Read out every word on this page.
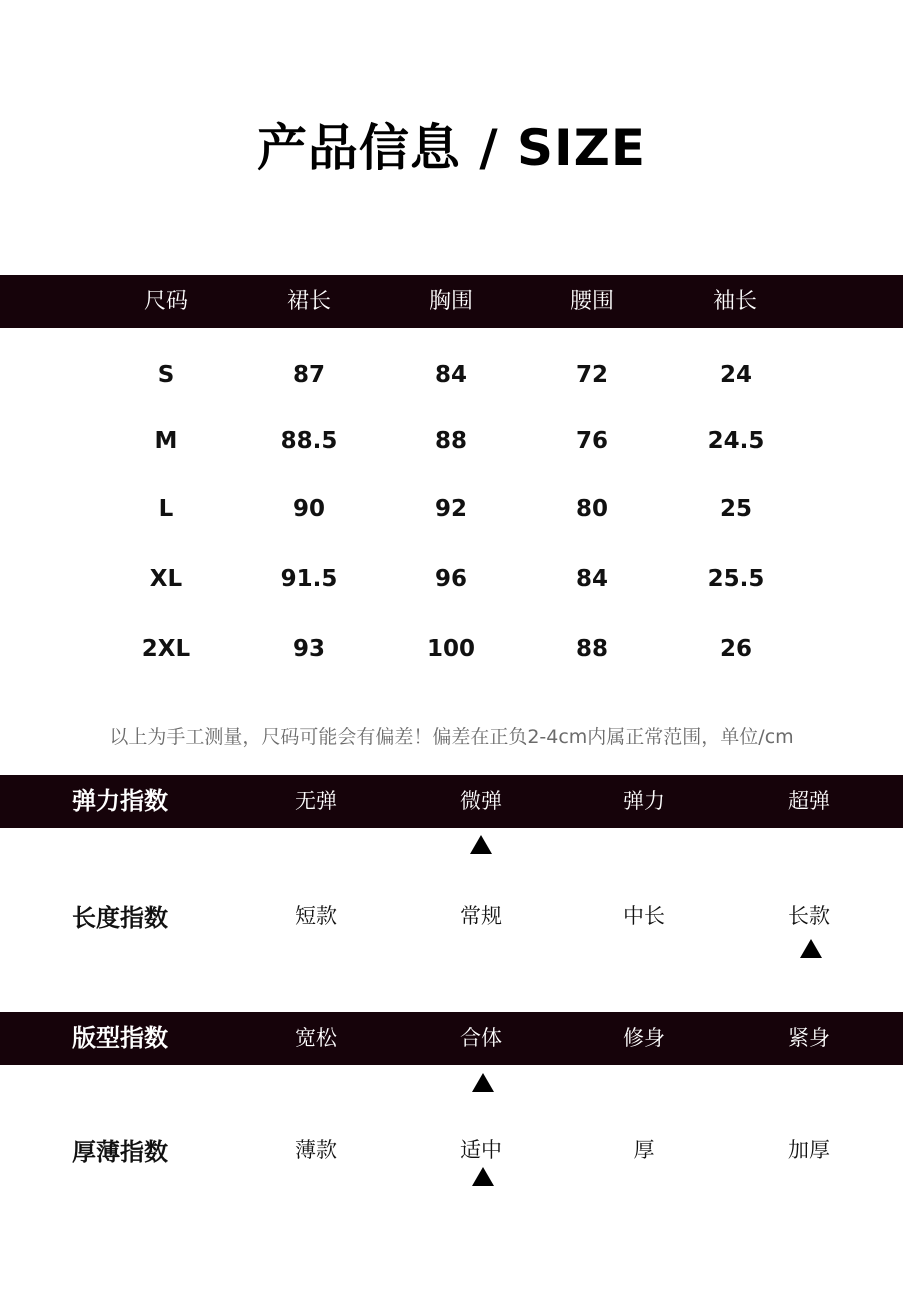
产品信息 / SIZE
尺码	裙长	胸围	腰围	袖长
S	87	84	72	24
M	88.5	88	76	24.5
L	90	92	80	25
XL	91.5	96	84	25.5
2XL	93	100	88	26
以上为手工测量，尺码可能会有偏差！偏差在正负2-4cm内属正常范围，单位/cm
弹力指数	无弹	微弹	弹力	超弹
长度指数	短款	常规	中长	长款
版型指数	宽松	合体	修身	紧身
厚薄指数	薄款	适中	厚	加厚
